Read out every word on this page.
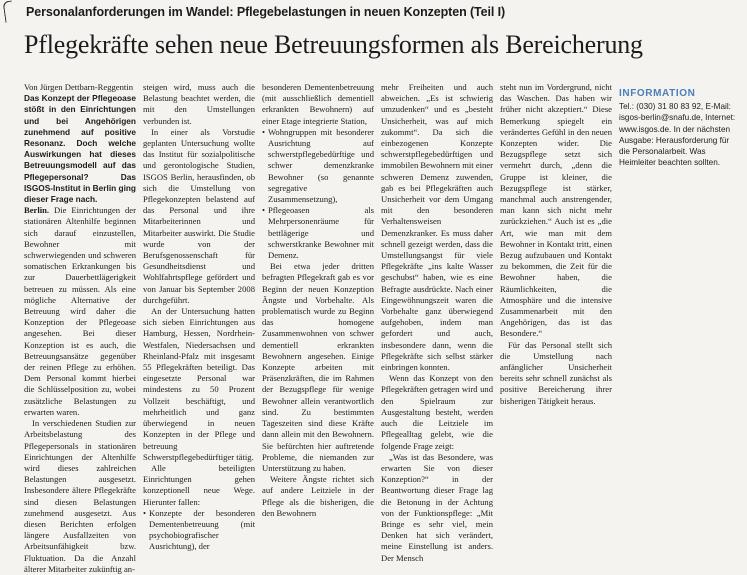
Personalanforderungen im Wandel: Pflegebelastungen in neuen Konzepten (Teil I)
Pflegekräfte sehen neue Betreuungsformen als Bereicherung

Von Jürgen Dettbarn-Reggentin

Das Konzept der Pflegeoase stößt in den Einrichtungen und bei Angehörigen zunehmend auf positive Resonanz. Doch welche Auswirkungen hat dieses Betreuungsmodell auf das Pflegepersonal? Das ISGOS-Institut in Berlin ging dieser Frage nach.

Berlin. Die Einrichtungen der stationären Altenhilfe beginnen sich darauf einzustellen, Bewohner mit schwerwiegenden und schweren somatischen Erkrankungen bis zur Dauerbettlägerigkeit betreuen zu müssen. Als eine mögliche Alternative der Betreuung wird daher die Konzeption der Pflegeoase angesehen. Bei dieser Konzeption ist es auch, die Betreuungsansätze gegenüber der reinen Pflege zu erhöhen. Dem Personal kommt hierbei die Schlüsselposition zu, wobei zusätzliche Belastungen zu erwarten waren.

In verschiedenen Studien zur Arbeitsbelastung des Pflegepersonals in stationären Einrichtungen der Altenhilfe wird dieses zahlreichen Belastungen ausgesetzt. Insbesondere ältere Pflegekräfte sind diesen Belastungen zunehmend ausgesetzt. Aus diesen Berichten erfolgen längere Ausfallzeiten von Arbeitsunfähigkeit bzw. Fluktuation. Da die Anzahl älterer Mitarbeiter zukünftig an-

steigen wird, muss auch die Belastung beachtet werden, die mit den Umstellungen verbunden ist.

In einer als Vorstudie geplanten Untersuchung wollte das Institut für sozialpolitische und gerontologische Studien, ISGOS Berlin, herausfinden, ob sich die Umstellung von Pflegekonzepten belastend auf das Personal und ihre Mitarbeiterinnen und Mitarbeiter auswirkt. Die Studie wurde von der Berufsgenossenschaft für Gesundheitsdienst und Wohlfahrtspflege gefördert und von Januar bis September 2008 durchgeführt.

An der Untersuchung hatten sich sieben Einrichtungen aus Hamburg, Hessen, Nordrhein-Westfalen, Niedersachsen und Rheinland-Pfalz mit insgesamt 55 Pflegekräften beteiligt. Das eingesetzte Personal war mindestens zu 50 Prozent Vollzeit beschäftigt, und mehrheitlich und ganz überwiegend in neuen Konzepten in der Pflege und betreuung Schwerstpflegebedürftiger tätig.

Alle beteiligten Einrichtungen gehen konzeptionell neue Wege. Hierunter fallen:

• Konzepte der besonderen Dementenbetreuung (mit psychobiografischer Ausrichtung), der

besonderen Dementenbetreuung (mit ausschließlich dementiell erkrankten Bewohnern) auf einer Etage integrierte Station,

• Wohngruppen mit besonderer Ausrichtung auf schwerstpflegebedürftige und schwer demenzkranke Bewohner (so genannte segregative Zusammensetzung),
• Pflegeoasen als Mehrpersonenräume für bettlägerige und schwerstkranke Bewohner mit Demenz.

Bei etwa jeder dritten befragten Pflegekraft gab es vor Beginn der neuen Konzeption Ängste und Vorbehalte. Als problematisch wurde zu Beginn das homogene Zusammenwohnen von schwer dementiell erkrankten Bewohnern angesehen. Einige Konzepte arbeiten mit Präsenzkräften, die im Rahmen der Bezugspflege für wenige Bewohner allein verantwortlich sind. Zu bestimmten Tageszeiten sind diese Kräfte dann allein mit den Bewohnern. Sie befürchten hier auftretende Probleme, die niemanden zur Unterstützung zu haben.

Weitere Ängste richtet sich auf andere Leitziele in der Pflege als die bisherigen, die den Bewohnern

mehr Freiheiten und auch abweichen. „Es ist schwierig umzudenken“ und es „besteht Unsicherheit, was auf mich zukommt“. Da sich die einbezogenen Konzepte schwerstpflegebedürftigen und immobilen Bewohnern mit einer schweren Demenz zuwenden, gab es bei Pflegekräften auch Unsicherheit vor dem Umgang mit den besonderen Verhaltensweisen Demenzkranker. Es muss daher schnell gezeigt werden, dass die Umstellungsangst für viele Pflegekräfte „ins kalte Wasser geschubst“ haben, wie es eine Befragte ausdrückte. Nach einer Eingewöhnungszeit waren die Vorbehalte ganz überwiegend aufgehoben, indem man gefordert und auch, insbesondere dann, wenn die Pflegekräfte sich selbst stärker einbringen konnten.

Wenn das Konzept von den Pflegekräften getragen wird und den Spielraum zur Ausgestaltung besteht, werden auch die Leitziele im Pflegealltag gelebt, wie die folgende Frage zeigt:

„Was ist das Besondere, was erwarten Sie von dieser Konzeption?“ in der Beantwortung dieser Frage lag die Betonung in der Achtung von der Funktionspflege: „Mit Bringe es sehr viel, mein Denken hat sich verändert, meine Einstellung ist anders. Der Mensch

steht nun im Vordergrund, nicht das Waschen. Das haben wir früher nicht akzeptiert.“ Diese Bemerkung spiegelt ein verändertes Gefühl in den neuen Konzepten wider. Die Bezugspflege setzt sich vermehrt durch, „denn die Gruppe ist kleiner, die Bezugspflege ist stärker, manchmal auch anstrengender, man kann sich nicht mehr zurückziehen.“ Auch ist es „die Art, wie man mit dem Bewohner in Kontakt tritt, einen Bezug aufzubauen und Kontakt zu bekommen, die Zeit für die Bewohner haben, die Räumlichkeiten, die Atmosphäre und die intensive Zusammenarbeit mit den Angehörigen, das ist das Besondere.“

Für das Personal stellt sich die Umstellung nach anfänglicher Unsicherheit bereits sehr schnell zunächst als positive Bereicherung ihrer bisherigen Tätigkeit heraus.

INFORMATION
Tel.: (030) 31 80 83 92, E-Mail: isgos-berlin@snafu.de, Internet: www.isgos.de. In der nächsten Ausgabe: Herausforderung für die Personalarbeit. Was Heimleiter beachten sollten.
